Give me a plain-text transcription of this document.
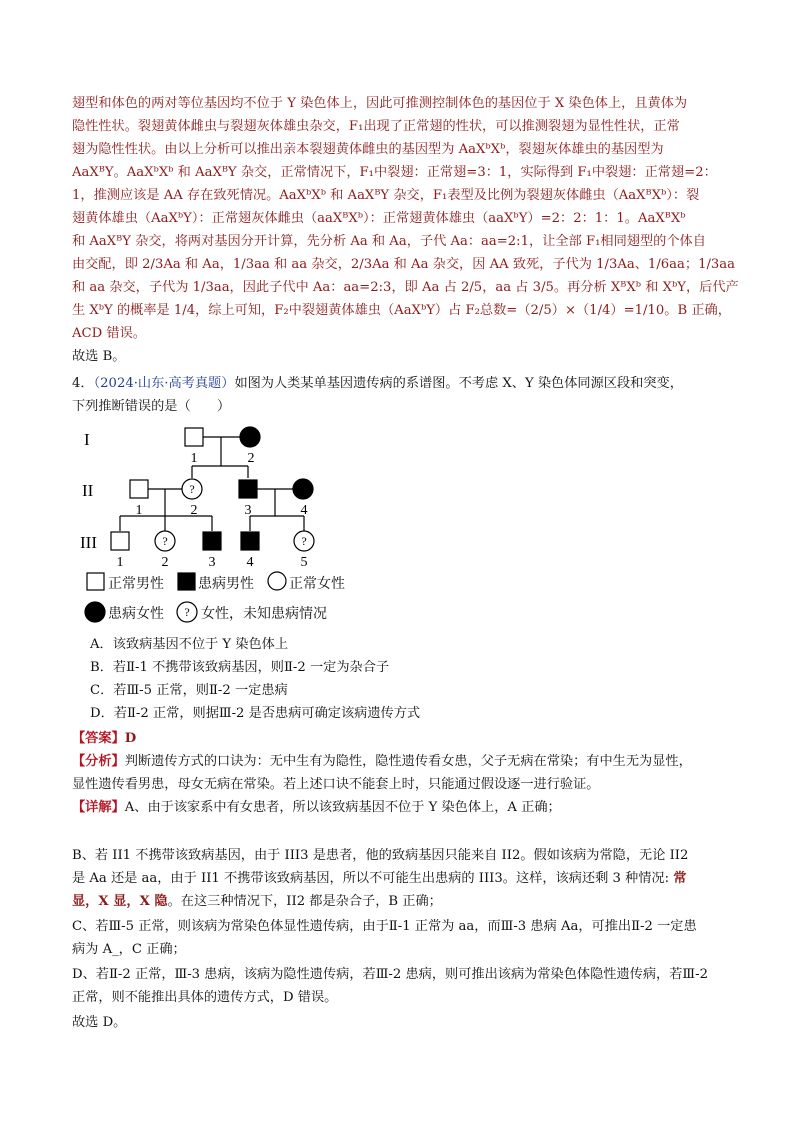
翅型和体色的两对等位基因均不位于 Y 染色体上，因此可推测控制体色的基因位于 X 染色体上，且黄体为
隐性性状。裂翅黄体雌虫与裂翅灰体雄虫杂交，F₁出现了正常翅的性状，可以推测裂翅为显性性状，正常
翅为隐性性状。由以上分析可以推出亲本裂翅黄体雌虫的基因型为 AaXᵇXᵇ，裂翅灰体雄虫的基因型为
AaXᴮY。AaXᵇXᵇ 和 AaXᴮY 杂交，正常情况下，F₁中裂翅：正常翅=3：1，实际得到 F₁中裂翅：正常翅=2：
1，推测应该是 AA 存在致死情况。AaXᵇXᵇ 和 AaXᴮY 杂交，F₁表型及比例为裂翅灰体雌虫（AaXᴮXᵇ）：裂
翅黄体雄虫（AaXᵇY）：正常翅灰体雌虫（aaXᴮXᵇ）：正常翅黄体雄虫（aaXᵇY）=2：2：1：1。AaXᴮXᵇ
和 AaXᴮY 杂交，将两对基因分开计算，先分析 Aa 和 Aa，子代 Aa：aa=2:1，让全部 F₁相同翅型的个体自
由交配，即 2/3Aa 和 Aa，1/3aa 和 aa 杂交，2/3Aa 和 Aa 杂交，因 AA 致死，子代为 1/3Aa、1/6aa；1/3aa
和 aa 杂交，子代为 1/3aa，因此子代中 Aa：aa=2:3，即 Aa 占 2/5，aa 占 3/5。再分析 XᴮXᵇ 和 XᵇY，后代产
生 XᵇY 的概率是 1/4，综上可知，F₂中裂翅黄体雄虫（AaXᵇY）占 F₂总数=（2/5）×（1/4）=1/10。B 正确，
ACD 错误。
故选 B。
4．（2024·山东·高考真题）如图为人类某单基因遗传病的系谱图。不考虑 X、Y 染色体同源区段和突变，
下列推断错误的是（　　）
?
?	?
?
1	2
1	2	3	4
1	2	3 4	5
I
II
III
正常男性 患病男性	正常女性
患病女性	女性，未知患病情况
A．该致病基因不位于 Y 染色体上
B．若Ⅱ-1 不携带该致病基因，则Ⅱ-2 一定为杂合子
C．若Ⅲ-5 正常，则Ⅱ-2 一定患病
D．若Ⅱ-2 正常，则据Ⅲ-2 是否患病可确定该病遗传方式
【答案】D
【分析】判断遗传方式的口诀为：无中生有为隐性，隐性遗传看女患，父子无病在常染；有中生无为显性，
显性遗传看男患，母女无病在常染。若上述口诀不能套上时，只能通过假设逐一进行验证。
【详解】A、由于该家系中有女患者，所以该致病基因不位于 Y 染色体上，A 正确；
B、若 II1 不携带该致病基因，由于 III3 是患者，他的致病基因只能来自 II2。假如该病为常隐，无论 II2
是 Aa 还是 aa，由于 II1 不携带该致病基因，所以不可能生出患病的 III3。这样，该病还剩 3 种情况: 常
显，X 显，X 隐。在这三种情况下，II2 都是杂合子，B 正确；
C、若Ⅲ-5 正常，则该病为常染色体显性遗传病，由于Ⅱ-1 正常为 aa，而Ⅲ-3 患病 Aa，可推出Ⅱ-2 一定患
病为 A_，C 正确；
D、若Ⅱ-2 正常，Ⅲ-3 患病，该病为隐性遗传病，若Ⅲ-2 患病，则可推出该病为常染色体隐性遗传病，若Ⅲ-2
正常，则不能推出具体的遗传方式，D 错误。
故选 D。
